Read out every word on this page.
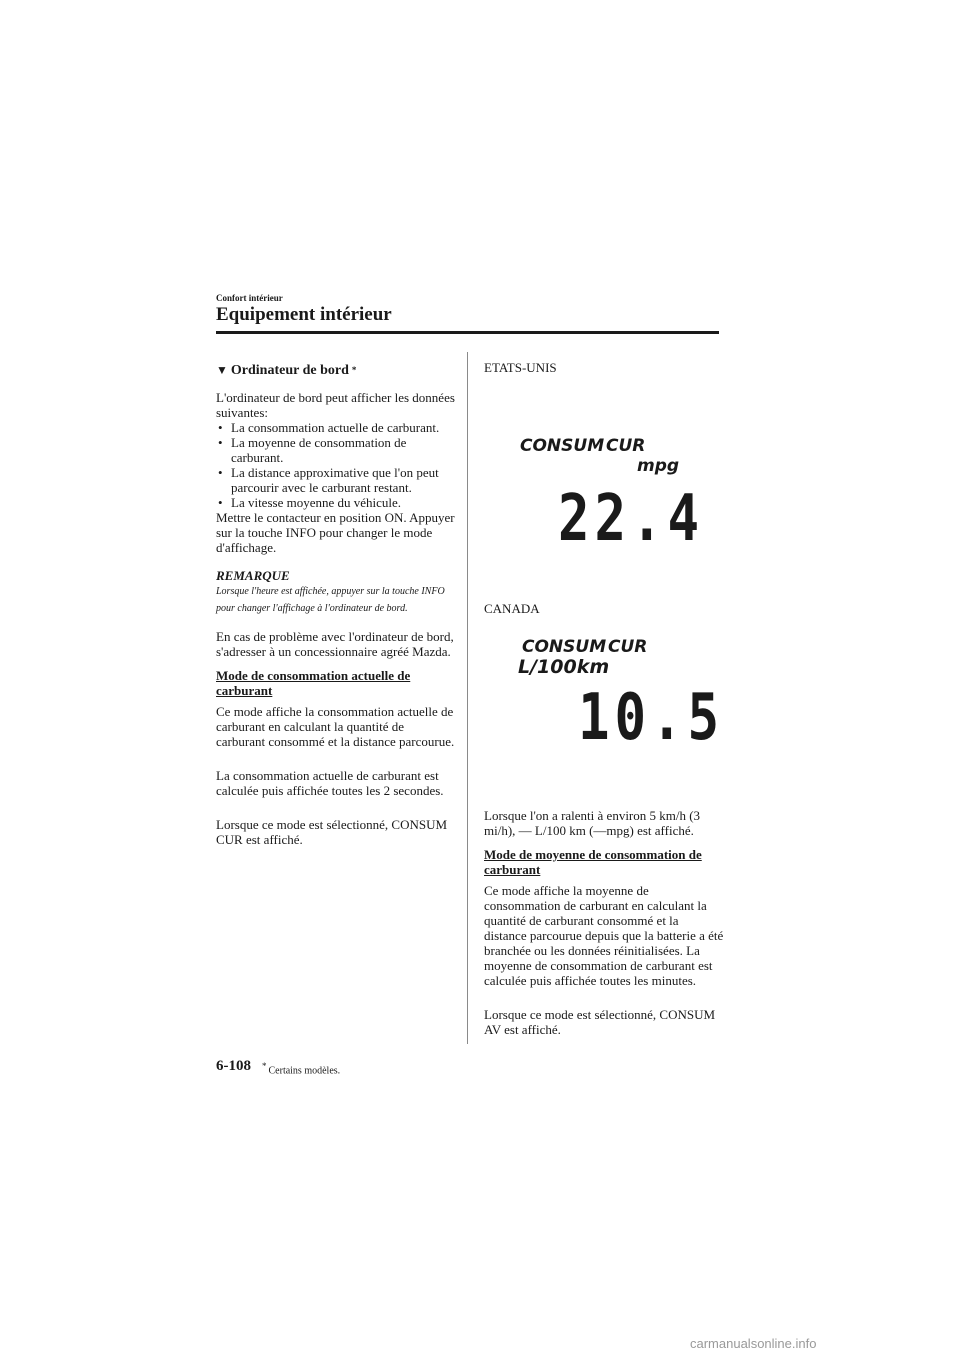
Confort intérieur
Equipement intérieur
▼ Ordinateur de bord *

L'ordinateur de bord peut afficher les données suivantes:

• La consommation actuelle de carburant.
• La moyenne de consommation de carburant.
• La distance approximative que l'on peut parcourir avec le carburant restant.
• La vitesse moyenne du véhicule.

Mettre le contacteur en position ON. Appuyer sur la touche INFO pour changer le mode d'affichage.

REMARQUE

Lorsque l'heure est affichée, appuyer sur la touche INFO pour changer l'affichage à l'ordinateur de bord.

En cas de problème avec l'ordinateur de bord, s'adresser à un concessionnaire agréé Mazda.

Mode de consommation actuelle de carburant

Ce mode affiche la consommation actuelle de carburant en calculant la quantité de carburant consommé et la distance parcourue.

La consommation actuelle de carburant est calculée puis affichée toutes les 2 secondes.

Lorsque ce mode est sélectionné, CONSUM CUR est affiché.

ETATS-UNIS

CONSUM CUR
mpg
22.4

CANADA

CONSUM CUR
L/100km
10.5

Lorsque l'on a ralenti à environ 5 km/h (3 mi/h), — L/100 km (—mpg) est affiché.

Mode de moyenne de consommation de carburant

Ce mode affiche la moyenne de consommation de carburant en calculant la quantité de carburant consommé et la distance parcourue depuis que la batterie a été branchée ou les données réinitialisées. La moyenne de consommation de carburant est calculée puis affichée toutes les minutes.

Lorsque ce mode est sélectionné, CONSUM AV est affiché.

6-108 * Certains modèles.
carmanualsonline.info
